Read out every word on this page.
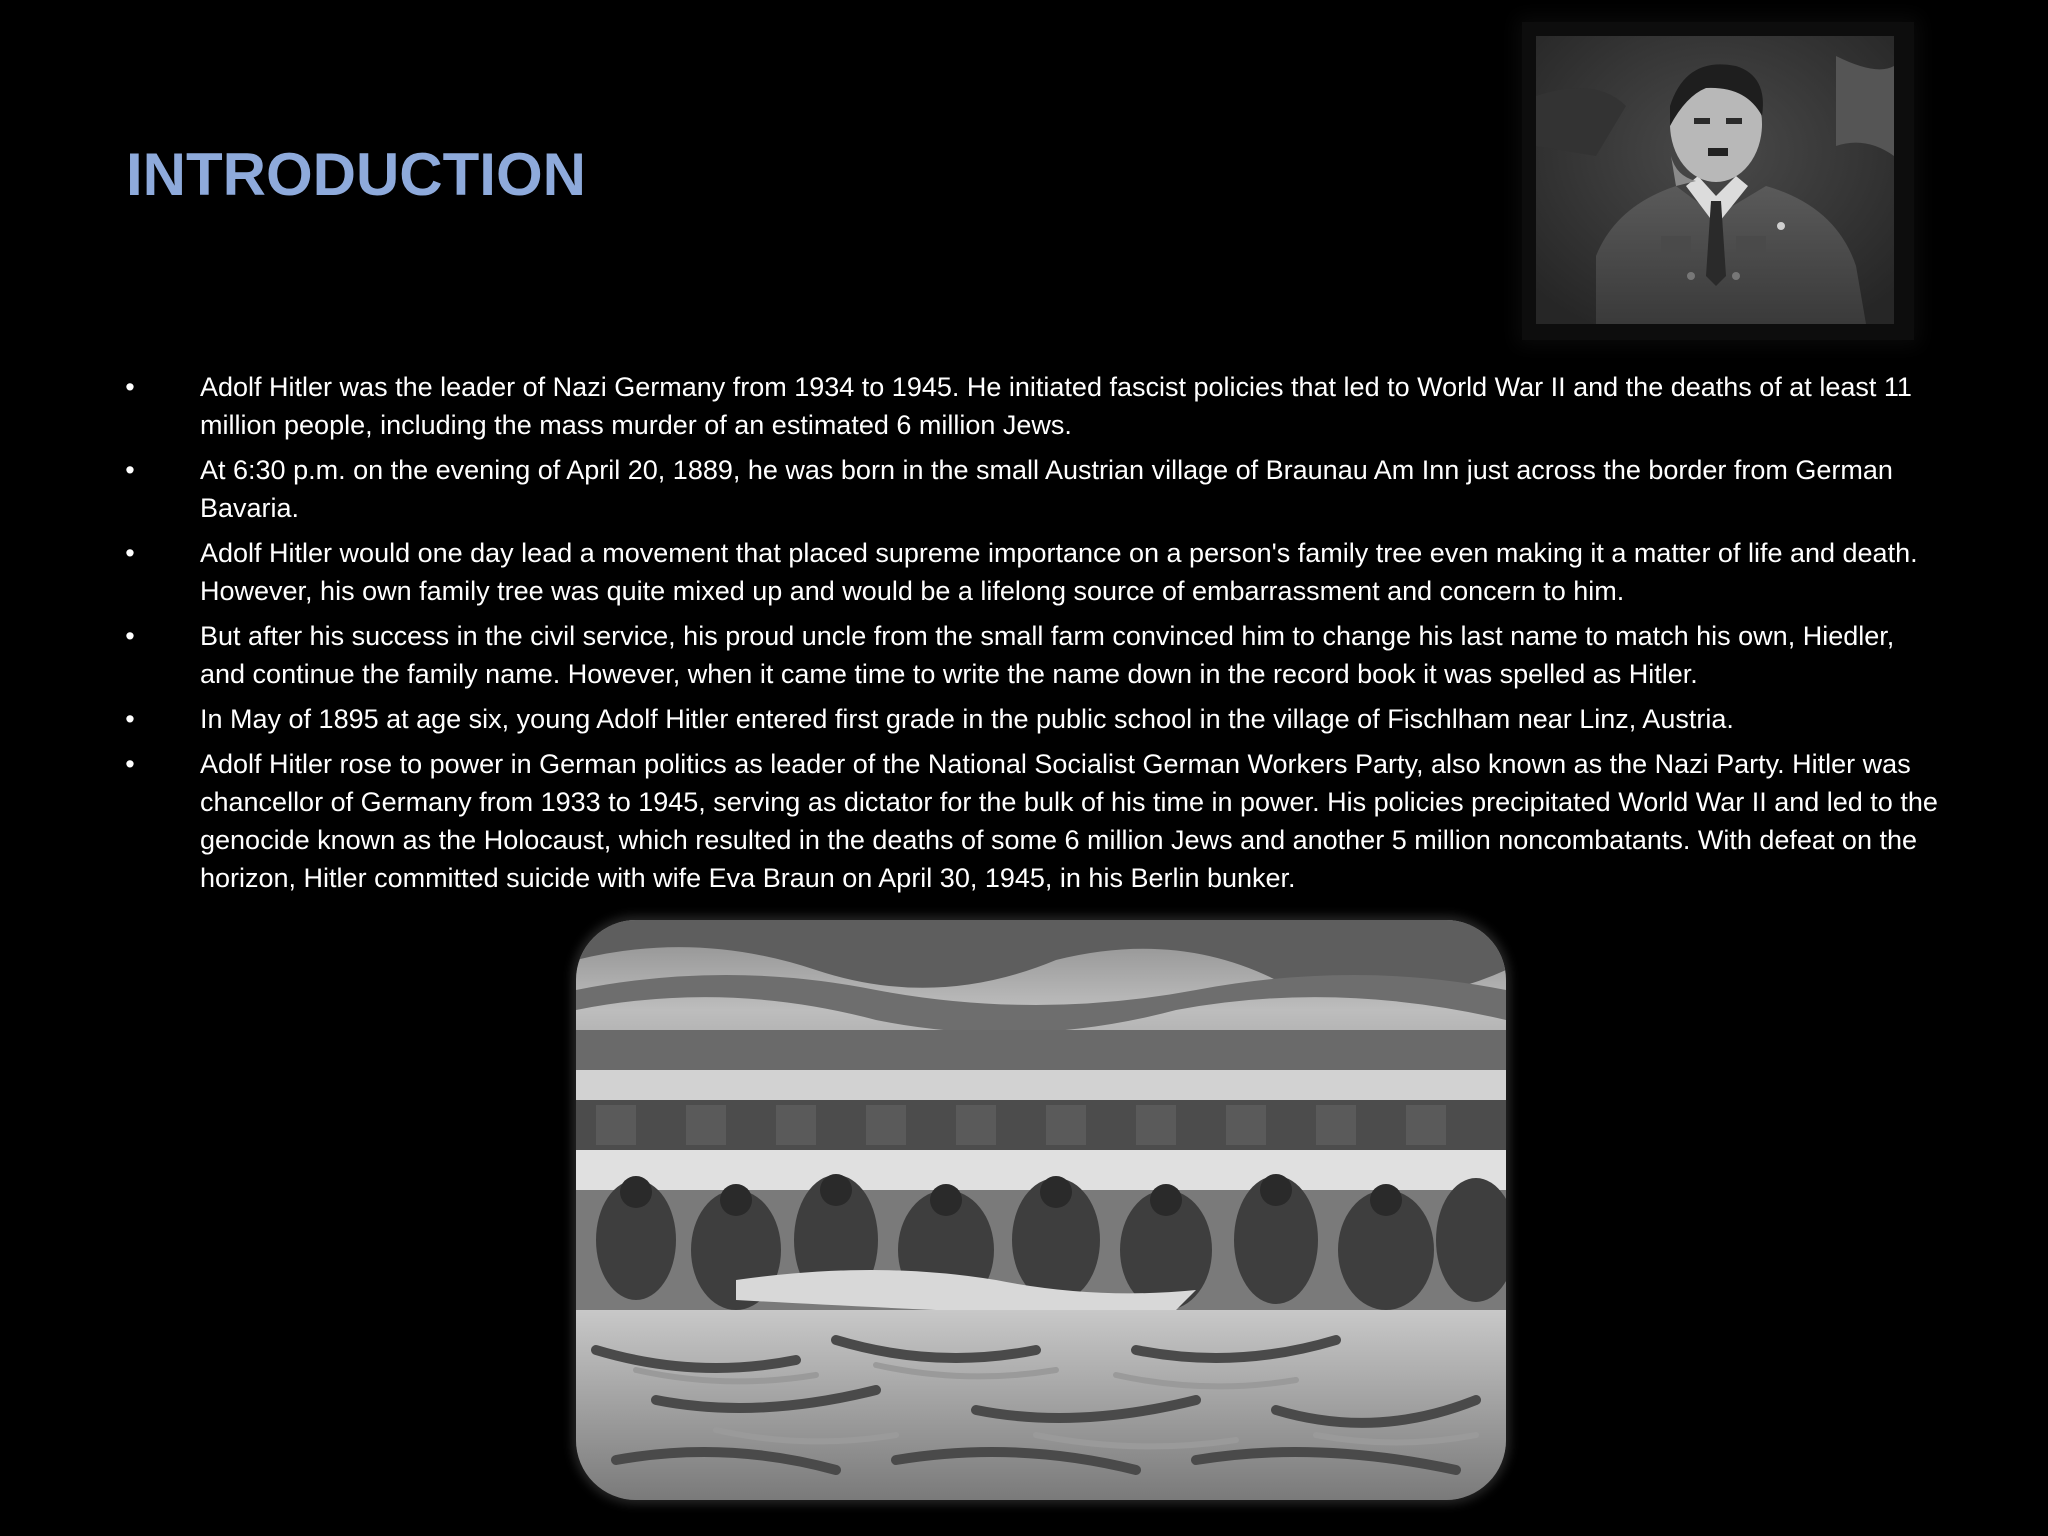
INTRODUCTION
• Adolf Hitler was the leader of Nazi Germany from 1934 to 1945. He initiated fascist policies that led to World War II and the deaths of at least 11 million people, including the mass murder of an estimated 6 million Jews.
• At 6:30 p.m. on the evening of April 20, 1889, he was born in the small Austrian village of Braunau Am Inn just across the border from German Bavaria.
• Adolf Hitler would one day lead a movement that placed supreme importance on a person's family tree even making it a matter of life and death. However, his own family tree was quite mixed up and would be a lifelong source of embarrassment and concern to him.
• But after his success in the civil service, his proud uncle from the small farm convinced him to change his last name to match his own, Hiedler, and continue the family name. However, when it came time to write the name down in the record book it was spelled as Hitler.
• In May of 1895 at age six, young Adolf Hitler entered first grade in the public school in the village of Fischlham near Linz, Austria.
• Adolf Hitler rose to power in German politics as leader of the National Socialist German Workers Party, also known as the Nazi Party. Hitler was chancellor of Germany from 1933 to 1945, serving as dictator for the bulk of his time in power. His policies precipitated World War II and led to the genocide known as the Holocaust, which resulted in the deaths of some 6 million Jews and another 5 million noncombatants. With defeat on the horizon, Hitler committed suicide with wife Eva Braun on April 30, 1945, in his Berlin bunker.
